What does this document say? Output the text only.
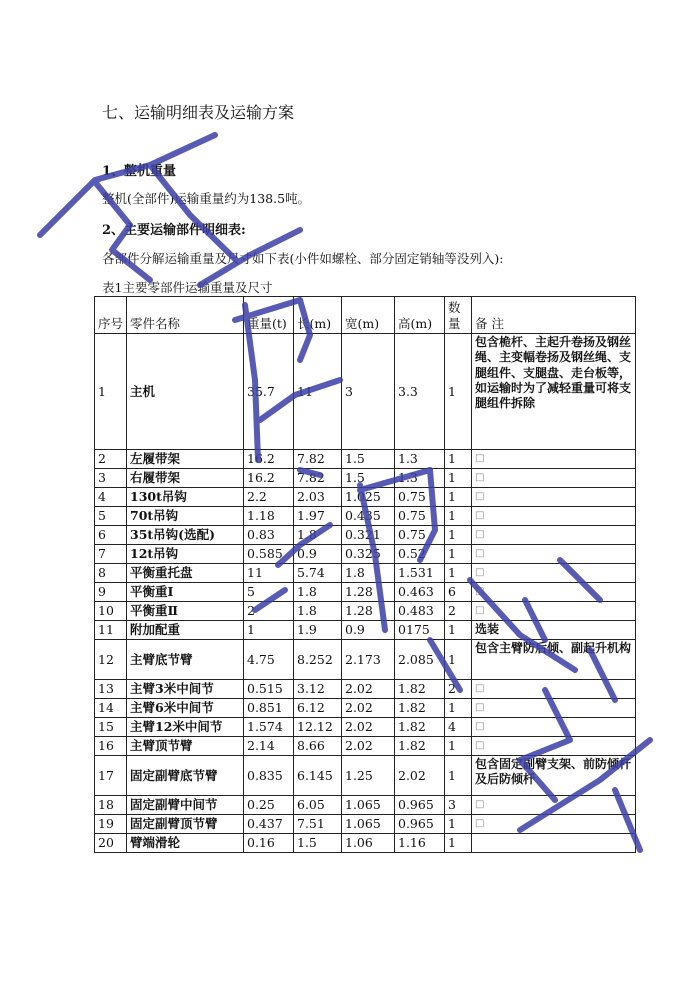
七、运输明细表及运输方案
1、整机重量
整机(全部件)运输重量约为138.5吨。
2、主要运输部件明细表:
各部件分解运输重量及尺寸如下表(小件如螺栓、部分固定销轴等没列入):
表1主要零部件运输重量及尺寸
序号	零件名称	重量(t)	长(m)	宽(m)	高(m)	数量	备 注
1	主机	35.7	11	3	3.3	1	包含桅杆、主起升卷扬及钢丝绳、主变幅卷扬及钢丝绳、支腿组件、支腿盘、走台板等，如运输时为了减轻重量可将支腿组件拆除
2	左履带架	16.2	7.82	1.5	1.3	1	□
3	右履带架	16.2	7.82	1.5	1.3	1	□
4	130t吊钩	2.2	2.03	1.025	0.75	1	□
5	70t吊钩	1.18	1.97	0.435	0.75	1	□
6	35t吊钩(选配)	0.83	1.8	0.321	0.75	1	□
7	12t吊钩	0.585	0.9	0.325	0.52	1	□
8	平衡重托盘	11	5.74	1.8	1.531	1	□
9	平衡重Ⅰ	5	1.8	1.28	0.463	6	□
10	平衡重Ⅱ	2	1.8	1.28	0.483	2	□
11	附加配重	1	1.9	0.9	0175	1	选装
12	主臂底节臂	4.75	8.252	2.173	2.085	1	包含主臂防后倾、副起升机构
13	主臂3米中间节	0.515	3.12	2.02	1.82	2	□
14	主臂6米中间节	0.851	6.12	2.02	1.82	1	□
15	主臂12米中间节	1.574	12.12	2.02	1.82	4	□
16	主臂顶节臂	2.14	8.66	2.02	1.82	1	□
17	固定副臂底节臂	0.835	6.145	1.25	2.02	1	包含固定副臂支架、前防倾杆及后防倾杆
18	固定副臂中间节	0.25	6.05	1.065	0.965	3	□
19	固定副臂顶节臂	0.437	7.51	1.065	0.965	1	□
20	臂端滑轮	0.16	1.5	1.06	1.16	1	
